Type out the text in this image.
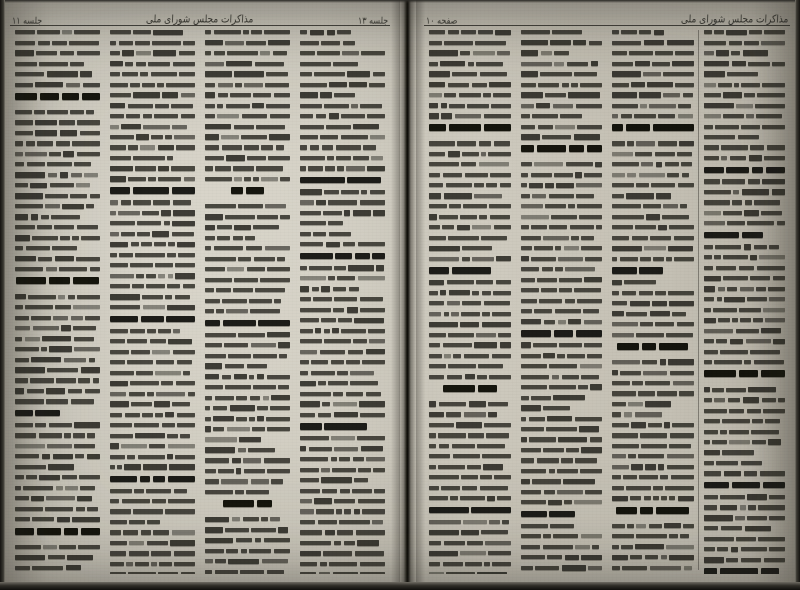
جلسه ۱۳
مذاکرات مجلس شورای ملی
جلسه ۱۱	مذاکرات مجلس شورای ملی
صفحه ۱۰
